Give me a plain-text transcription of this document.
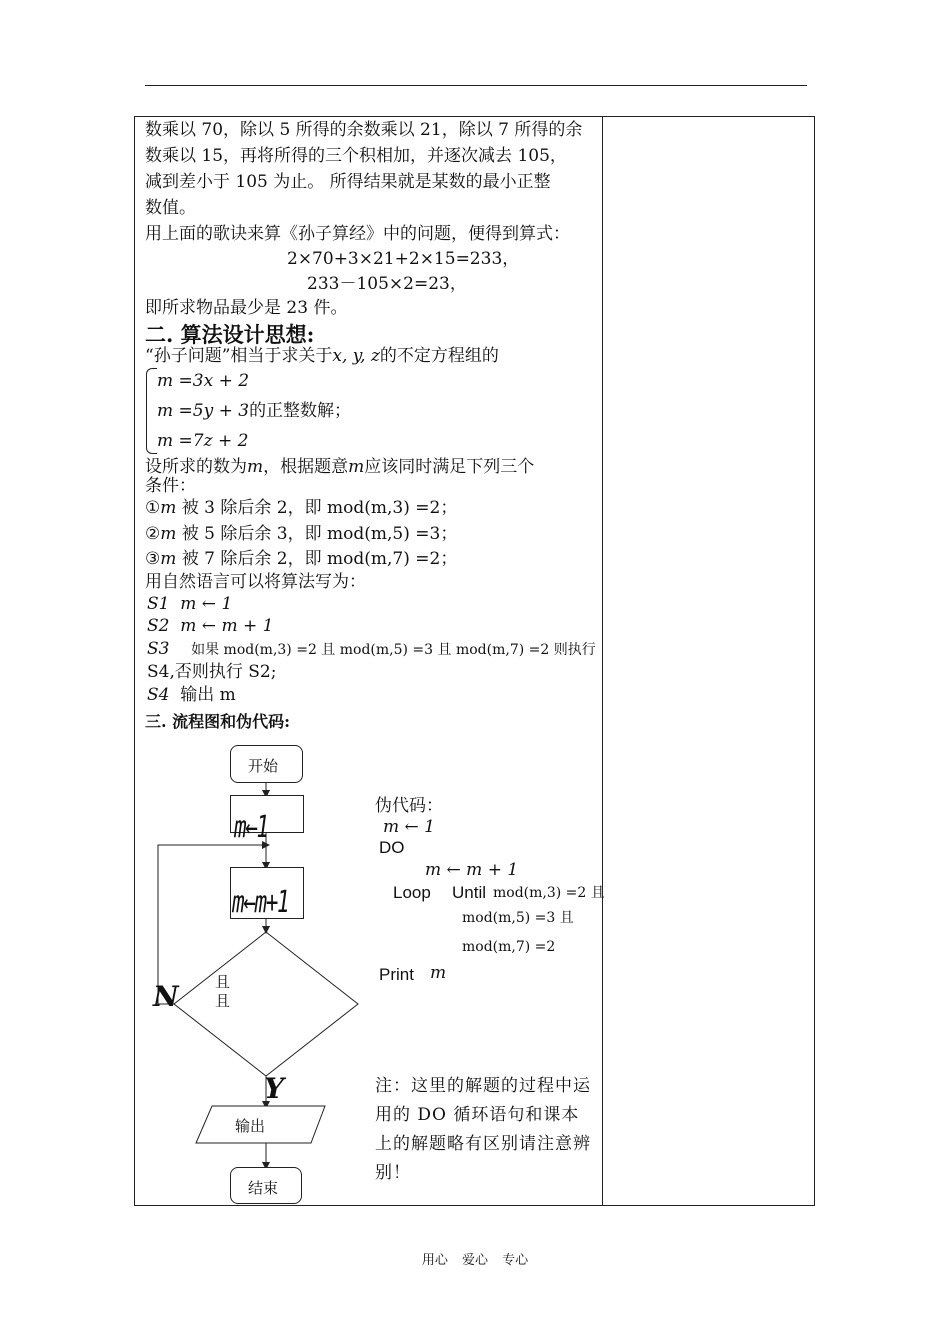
数乘以 70，除以 5 所得的余数乘以 21，除以 7 所得的余
数乘以 15，再将所得的三个积相加，并逐次减去 105，
减到差小于 105 为止。 所得结果就是某数的最小正整
数值。
用上面的歌诀来算《孙子算经》中的问题，便得到算式：
2×70+3×21+2×15=233，
233－105×2=23，
即所求物品最少是 23 件。
二. 算法设计思想:
“孙子问题”相当于求关于x, y, z的不定方程组的
m =3x + 2
m =5y + 3的正整数解；
m =7z + 2
设所求的数为m，根据题意m应该同时满足下列三个
条件：
①m 被 3 除后余 2，即 mod(m,3) =2；
②m 被 5 除后余 3，即 mod(m,5) =3；
③m 被 7 除后余 2，即 mod(m,7) =2；
用自然语言可以将算法写为：
S1 m ← 1
S2 m ← m + 1
S3 如果 mod(m,3) =2 且 mod(m,5) =3 且 mod(m,7) =2 则执行
S4,否则执行 S2;
S4 输出 m
三. 流程图和伪代码:
开始
m←1
m←m+1
且
且
N
Y
输出
结束
伪代码：
m ← 1
DO
m ← m + 1
Loop Until mod(m,3) =2 且
mod(m,5) =3 且
mod(m,7) =2
Print m
注：这里的解题的过程中运用的 DO 循环语句和课本上的解题略有区别请注意辨别！
用心 爱心 专心
